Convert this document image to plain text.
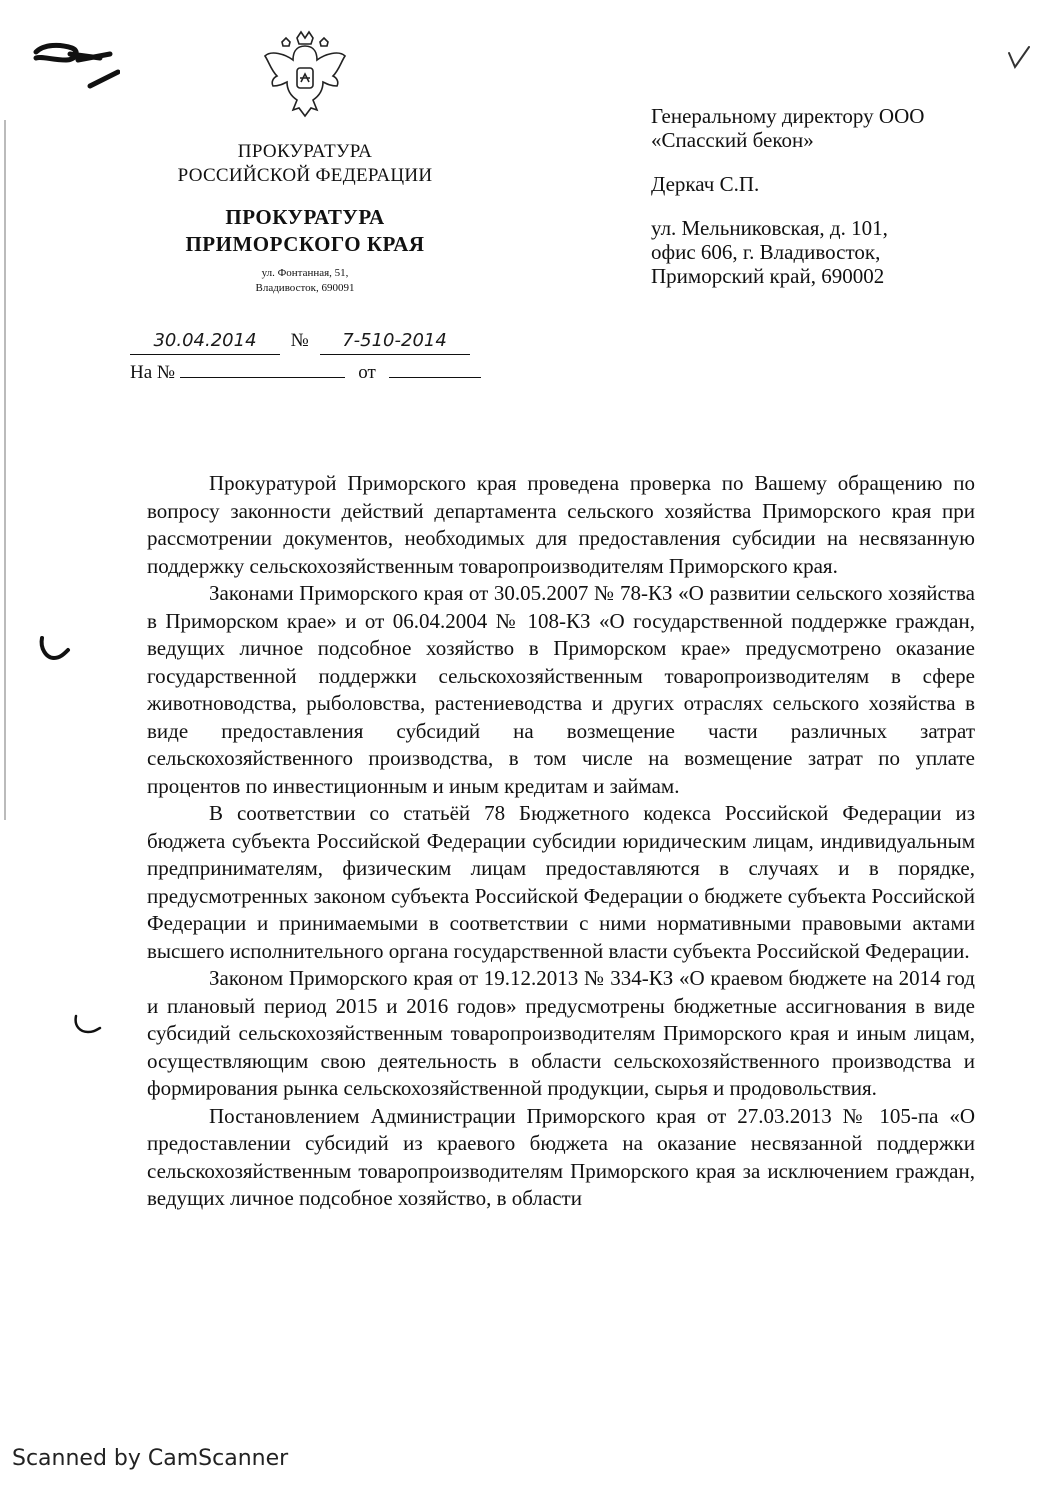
ПРОКУРАТУРА
РОССИЙСКОЙ ФЕДЕРАЦИИ
ПРОКУРАТУРА
ПРИМОРСКОГО КРАЯ
ул. Фонтанная, 51,
Владивосток, 690091

Генеральному директору ООО
«Спасский бекон»

Деркач С.П.

ул. Мельниковская, д. 101,
офис 606, г. Владивосток,
Приморский край, 690002

30.04.2014 № 7-510-2014
На №	от

Прокуратурой Приморского края проведена проверка по Вашему обращению по вопросу законности действий департамента сельского хозяйства Приморского края при рассмотрении документов, необходимых для предоставления субсидии на несвязанную поддержку сельскохозяйственным товаропроизводителям Приморского края.

Законами Приморского края от 30.05.2007 № 78-КЗ «О развитии сельского хозяйства в Приморском крае» и от 06.04.2004 № 108-КЗ «О государственной поддержке граждан, ведущих личное подсобное хозяйство в Приморском крае» предусмотрено оказание государственной поддержки сельскохозяйственным товаропроизводителям в сфере животноводства, рыболовства, растениеводства и других отраслях сельского хозяйства в виде предоставления субсидий на возмещение части различных затрат сельскохозяйственного производства, в том числе на возмещение затрат по уплате процентов по инвестиционным и иным кредитам и займам.

В соответствии со статьёй 78 Бюджетного кодекса Российской Федерации из бюджета субъекта Российской Федерации субсидии юридическим лицам, индивидуальным предпринимателям, физическим лицам предоставляются в случаях и в порядке, предусмотренных законом субъекта Российской Федерации о бюджете субъекта Российской Федерации и принимаемыми в соответствии с ними нормативными правовыми актами высшего исполнительного органа государственной власти субъекта Российской Федерации.

Законом Приморского края от 19.12.2013 № 334-КЗ «О краевом бюджете на 2014 год и плановый период 2015 и 2016 годов» предусмотрены бюджетные ассигнования в виде субсидий сельскохозяйственным товаропроизводителям Приморского края и иным лицам, осуществляющим свою деятельность в области сельскохозяйственного производства и формирования рынка сельскохозяйственной продукции, сырья и продовольствия.

Постановлением Администрации Приморского края от 27.03.2013 № 105-па «О предоставлении субсидий из краевого бюджета на оказание несвязанной поддержки сельскохозяйственным товаропроизводителям Приморского края за исключением граждан, ведущих личное подсобное хозяйство, в области

Scanned by CamScanner
